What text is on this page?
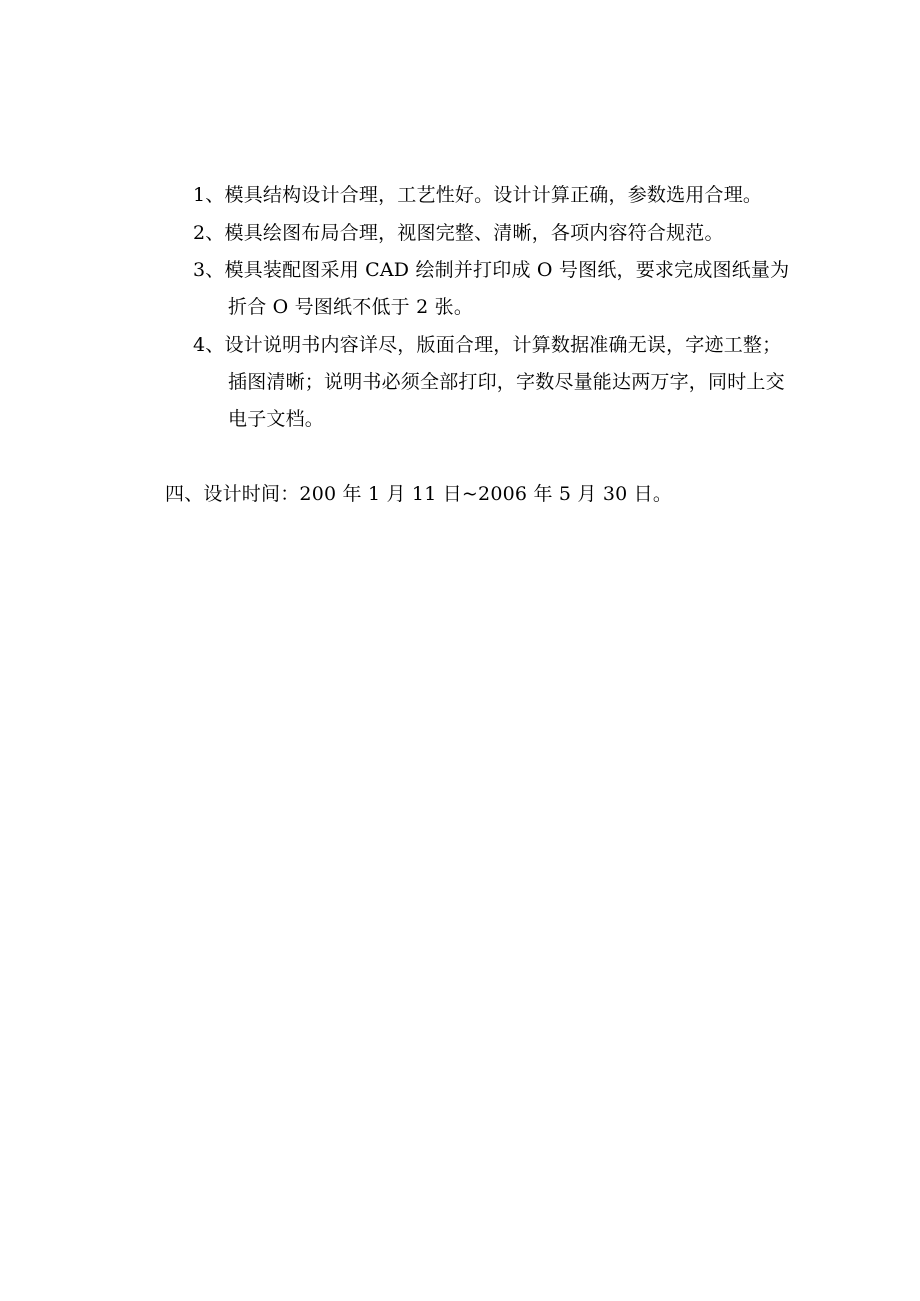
1、模具结构设计合理，工艺性好。设计计算正确，参数选用合理。
2、模具绘图布局合理，视图完整、清晰，各项内容符合规范。
3、模具装配图采用 CAD 绘制并打印成 O 号图纸，要求完成图纸量为
折合 O 号图纸不低于 2 张。
4、设计说明书内容详尽，版面合理，计算数据准确无误，字迹工整；
插图清晰；说明书必须全部打印，字数尽量能达两万字，同时上交
电子文档。
四、设计时间：200 年 1 月 11 日~2006 年 5 月 30 日。
